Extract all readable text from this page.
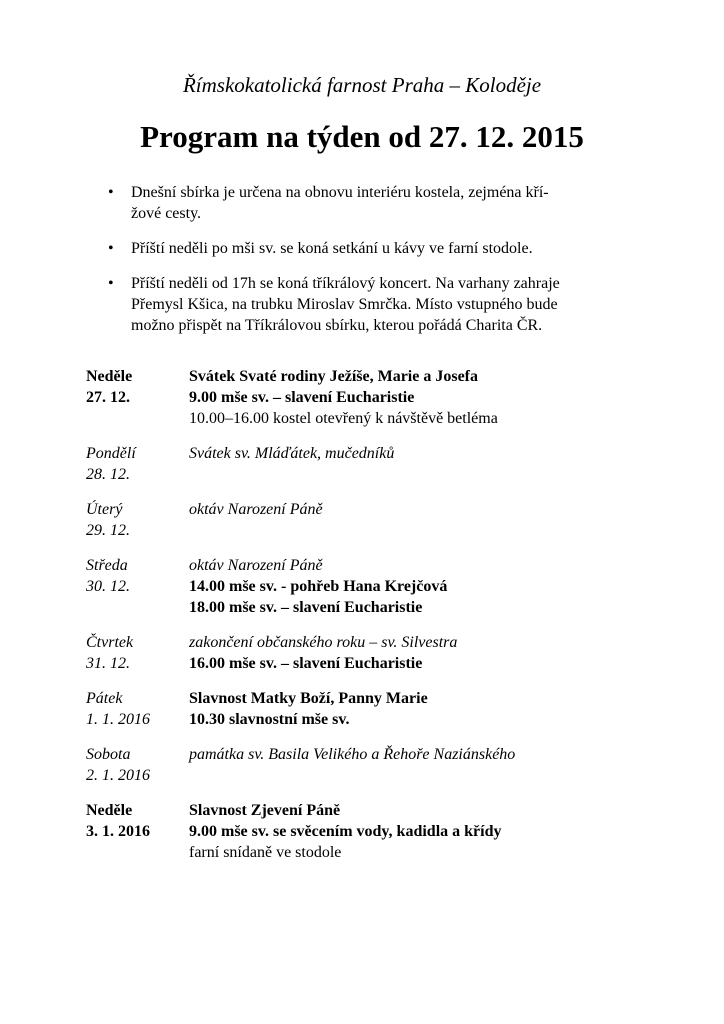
Římskokatolická farnost Praha – Koloděje
Program na týden od 27. 12. 2015
• Dnešní sbírka je určena na obnovu interiéru kostela, zejména kří-
žové cesty.
• Příští neděli po mši sv. se koná setkání u kávy ve farní stodole.
• Příští neděli od 17h se koná tříkrálový koncert. Na varhany zahraje
Přemysl Kšica, na trubku Miroslav Smrčka. Místo vstupného bude
možno přispět na Tříkrálovou sbírku, kterou pořádá Charita ČR.
Neděle
27. 12.
Svátek Svaté rodiny Ježíše, Marie a Josefa
9.00 mše sv. – slavení Eucharistie
10.00–16.00 kostel otevřený k návštěvě betléma
Pondělí
28. 12.
Svátek sv. Mláďátek, mučedníků
Úterý
29. 12.
oktáv Narození Páně
Středa
30. 12.
oktáv Narození Páně
14.00 mše sv. - pohřeb Hana Krejčová
18.00 mše sv. – slavení Eucharistie
Čtvrtek
31. 12.
zakončení občanského roku – sv. Silvestra
16.00 mše sv. – slavení Eucharistie
Pátek
1. 1. 2016
Slavnost Matky Boží, Panny Marie
10.30 slavnostní mše sv.
Sobota
2. 1. 2016
památka sv. Basila Velikého a Řehoře Naziánského
Neděle
3. 1. 2016
Slavnost Zjevení Páně
9.00 mše sv. se svěcením vody, kadidla a křídy
farní snídaně ve stodole
